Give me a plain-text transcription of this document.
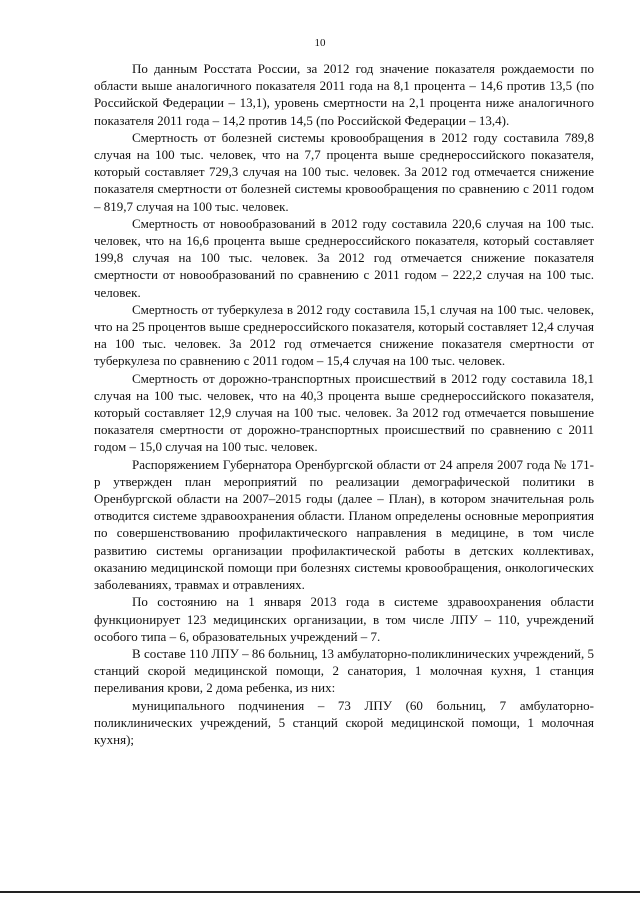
10

По данным Росстата России, за 2012 год значение показателя рождаемости по области выше аналогичного показателя 2011 года на 8,1 процента – 14,6 против 13,5 (по Российской Федерации – 13,1), уровень смертности на 2,1 процента ниже аналогичного показателя 2011 года – 14,2 против 14,5 (по Российской Федерации – 13,4).

Смертность от болезней системы кровообращения в 2012 году составила 789,8 случая на 100 тыс. человек, что на 7,7 процента выше среднероссийского показателя, который составляет 729,3 случая на 100 тыс. человек. За 2012 год отмечается снижение показателя смертности от болезней системы кровообращения по сравнению с 2011 годом – 819,7 случая на 100 тыс. человек.

Смертность от новообразований в 2012 году составила 220,6 случая на 100 тыс. человек, что на 16,6 процента выше среднероссийского показателя, который составляет 199,8 случая на 100 тыс. человек. За 2012 год отмечается снижение показателя смертности от новообразований по сравнению с 2011 годом – 222,2 случая на 100 тыс. человек.

Смертность от туберкулеза в 2012 году составила 15,1 случая на 100 тыс. человек, что на 25 процентов выше среднероссийского показателя, который составляет 12,4 случая на 100 тыс. человек. За 2012 год отмечается снижение показателя смертности от туберкулеза по сравнению с 2011 годом – 15,4 случая на 100 тыс. человек.

Смертность от дорожно-транспортных происшествий в 2012 году составила 18,1 случая на 100 тыс. человек, что на 40,3 процента выше среднероссийского показателя, который составляет 12,9 случая на 100 тыс. человек. За 2012 год отмечается повышение показателя смертности от дорожно-транспортных происшествий по сравнению с 2011 годом – 15,0 случая на 100 тыс. человек.

Распоряжением Губернатора Оренбургской области от 24 апреля 2007 года № 171-р утвержден план мероприятий по реализации демографической политики в Оренбургской области на 2007–2015 годы (далее – План), в котором значительная роль отводится системе здравоохранения области. Планом определены основные мероприятия по совершенствованию профилактического направления в медицине, в том числе развитию системы организации профилактической работы в детских коллективах, оказанию медицинской помощи при болезнях системы кровообращения, онкологических заболеваниях, травмах и отравлениях.

По состоянию на 1 января 2013 года в системе здравоохранения области функционирует 123 медицинских организации, в том числе ЛПУ – 110, учреждений особого типа – 6, образовательных учреждений – 7.

В составе 110 ЛПУ – 86 больниц, 13 амбулаторно-поликлинических учреждений, 5 станций скорой медицинской помощи, 2 санатория, 1 молочная кухня, 1 станция переливания крови, 2 дома ребенка, из них:

муниципального подчинения – 73 ЛПУ (60 больниц, 7 амбулаторно-поликлинических учреждений, 5 станций скорой медицинской помощи, 1 молочная кухня);
